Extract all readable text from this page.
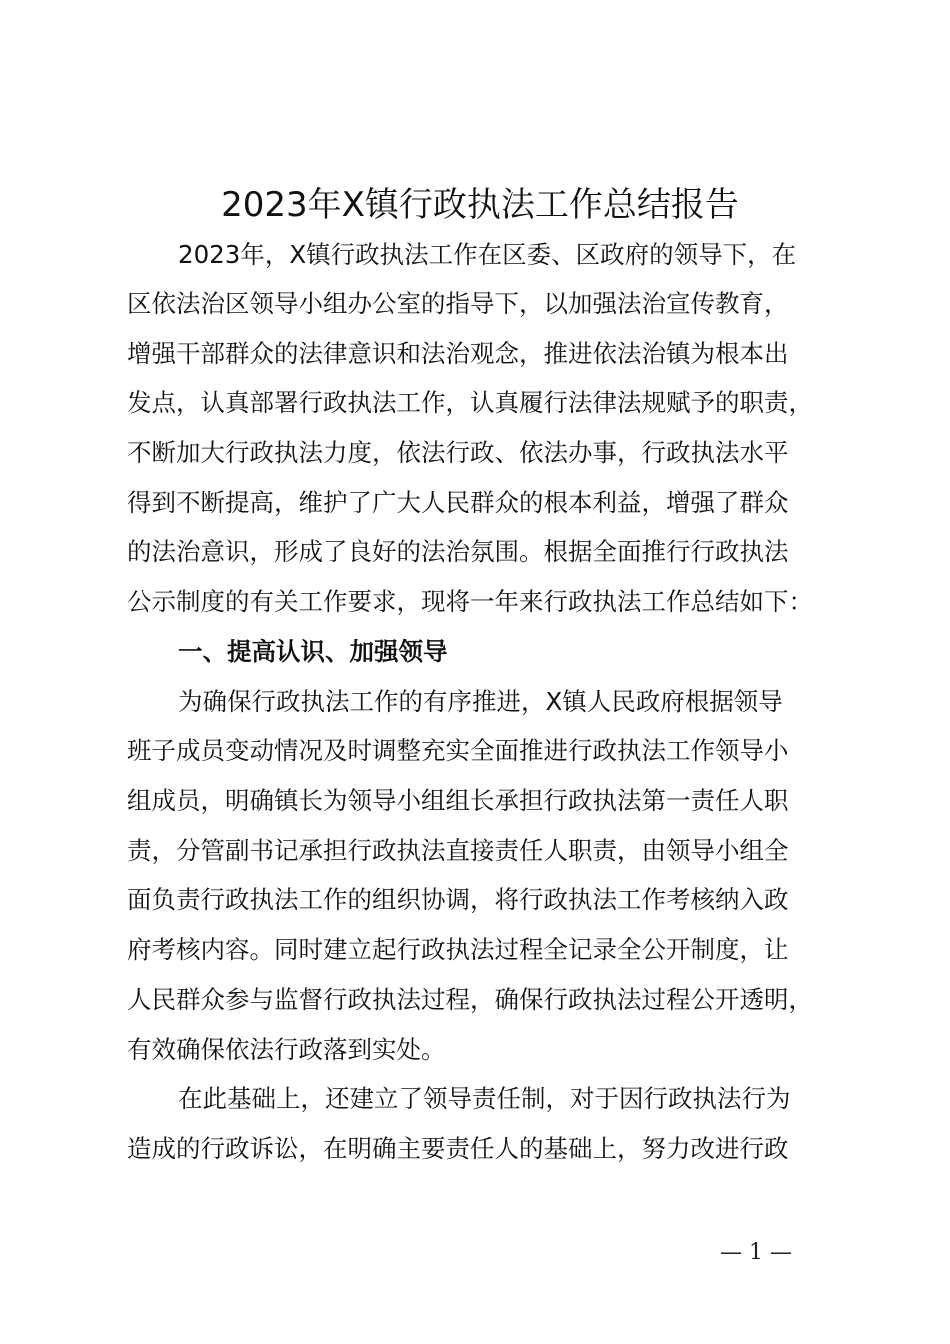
2023年X镇行政执法工作总结报告
2023年，X镇行政执法工作在区委、区政府的领导下，在
区依法治区领导小组办公室的指导下，以加强法治宣传教育，
增强干部群众的法律意识和法治观念，推进依法治镇为根本出
发点，认真部署行政执法工作，认真履行法律法规赋予的职责，
不断加大行政执法力度，依法行政、依法办事，行政执法水平
得到不断提高，维护了广大人民群众的根本利益，增强了群众
的法治意识，形成了良好的法治氛围。根据全面推行行政执法
公示制度的有关工作要求，现将一年来行政执法工作总结如下：
一、提高认识、加强领导
为确保行政执法工作的有序推进，X镇人民政府根据领导
班子成员变动情况及时调整充实全面推进行政执法工作领导小
组成员，明确镇长为领导小组组长承担行政执法第一责任人职
责，分管副书记承担行政执法直接责任人职责，由领导小组全
面负责行政执法工作的组织协调，将行政执法工作考核纳入政
府考核内容。同时建立起行政执法过程全记录全公开制度，让
人民群众参与监督行政执法过程，确保行政执法过程公开透明，
有效确保依法行政落到实处。
在此基础上，还建立了领导责任制，对于因行政执法行为
造成的行政诉讼，在明确主要责任人的基础上，努力改进行政
— 1 —
